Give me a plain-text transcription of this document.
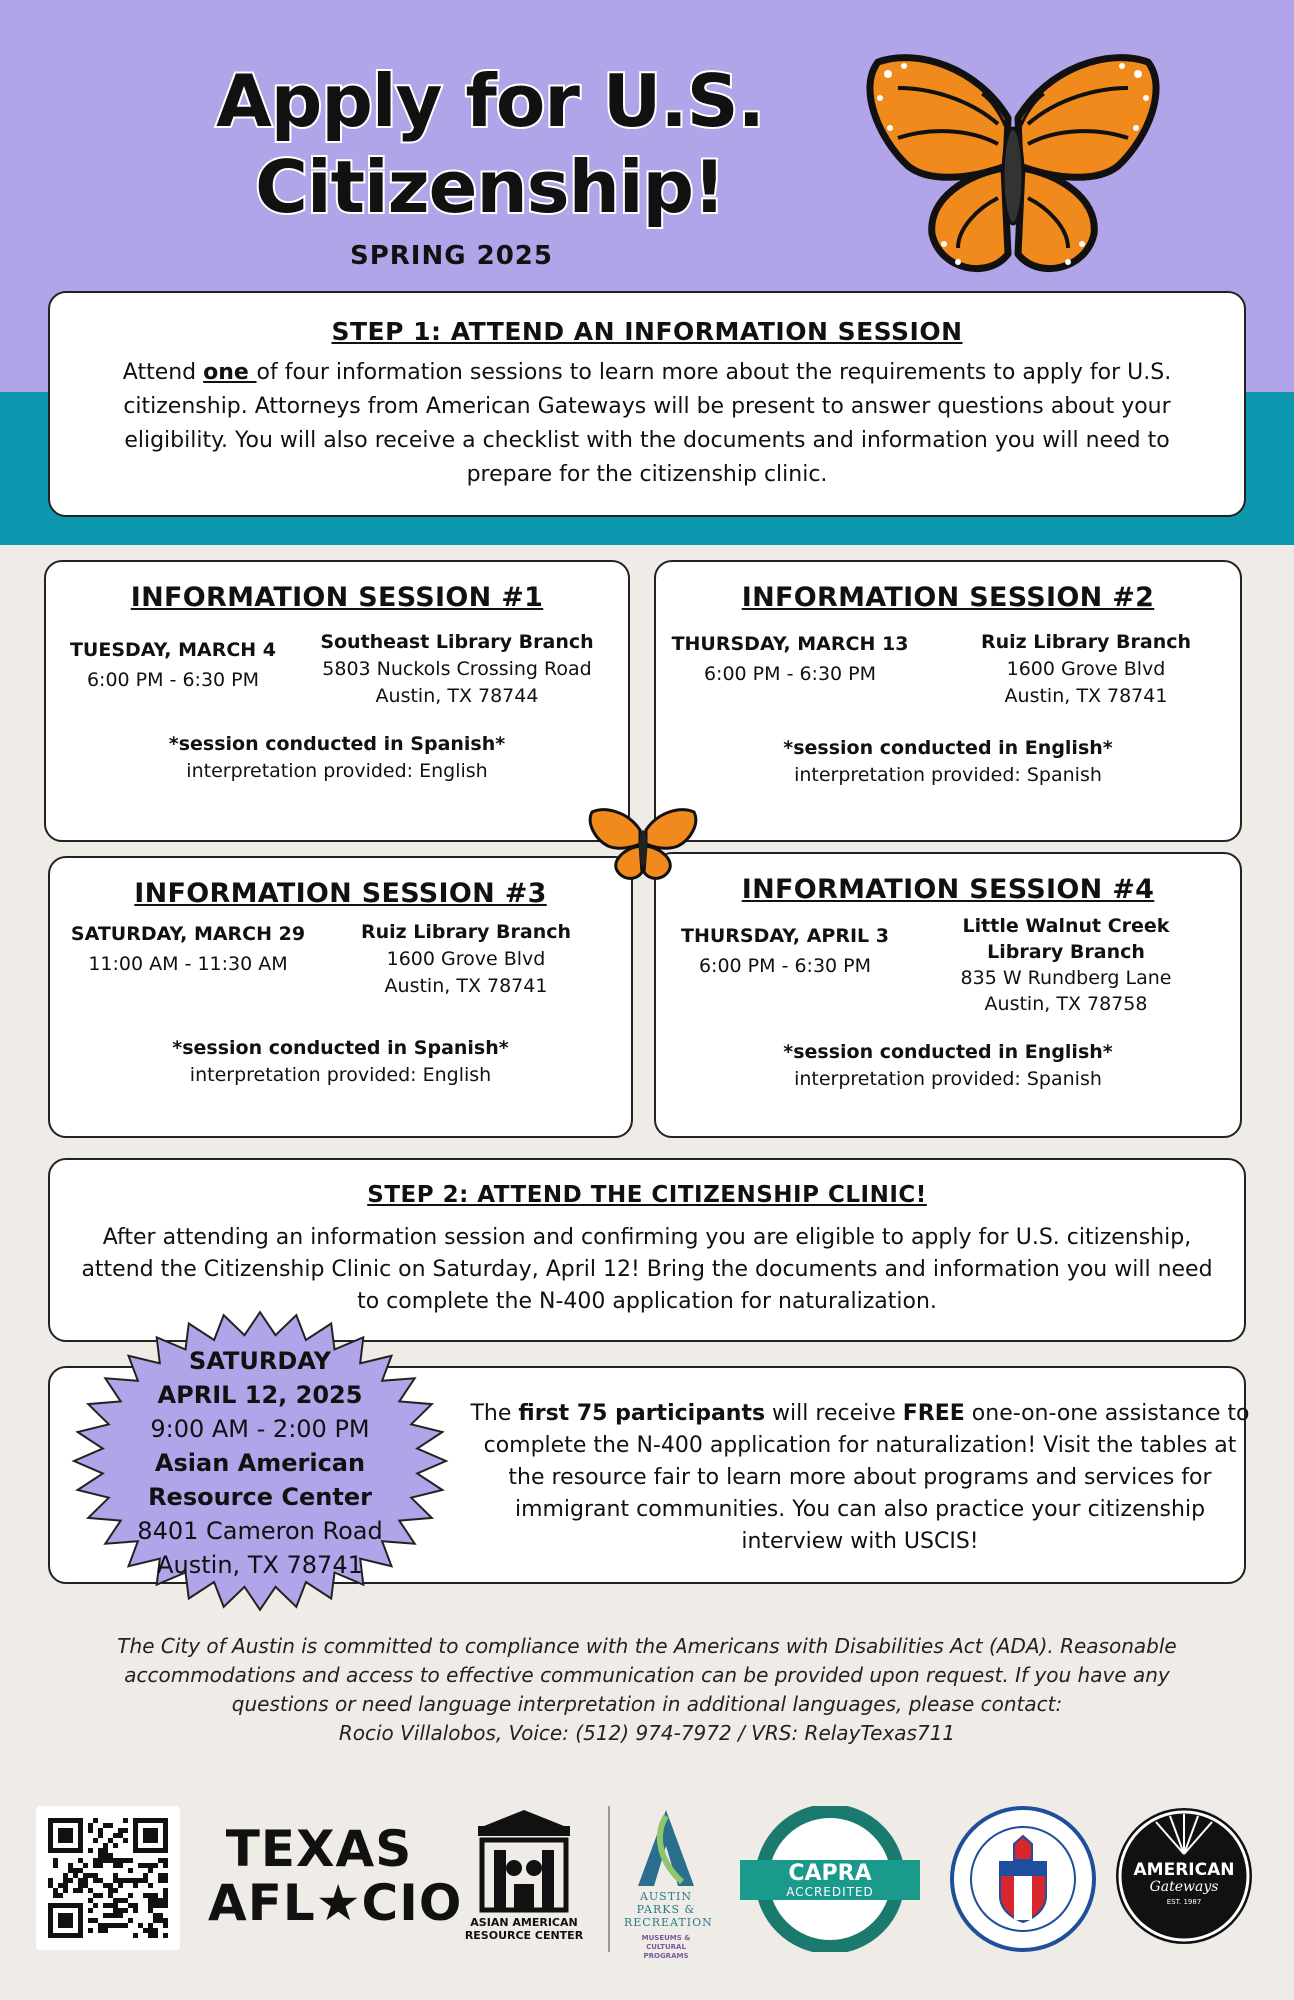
Apply for U.S.
Citizenship!
SPRING 2025
STEP 1: ATTEND AN INFORMATION SESSION
Attend one of four information sessions to learn more about the requirements to apply for U.S. citizenship. Attorneys from American Gateways will be present to answer questions about your eligibility. You will also receive a checklist with the documents and information you will need to prepare for the citizenship clinic.
INFORMATION SESSION #1
TUESDAY, MARCH 4
6:00 PM - 6:30 PM
Southeast Library Branch
5803 Nuckols Crossing Road
Austin, TX 78744
*session conducted in Spanish*
interpretation provided: English
INFORMATION SESSION #2
THURSDAY, MARCH 13
6:00 PM - 6:30 PM
Ruiz Library Branch
1600 Grove Blvd
Austin, TX 78741
*session conducted in English*
interpretation provided: Spanish
INFORMATION SESSION #3
SATURDAY, MARCH 29
11:00 AM - 11:30 AM
Ruiz Library Branch
1600 Grove Blvd
Austin, TX 78741
*session conducted in Spanish*
interpretation provided: English
INFORMATION SESSION #4
THURSDAY, APRIL 3
6:00 PM - 6:30 PM
Little Walnut Creek
Library Branch
835 W Rundberg Lane
Austin, TX 78758
*session conducted in English*
interpretation provided: Spanish
STEP 2: ATTEND THE CITIZENSHIP CLINIC!
After attending an information session and confirming you are eligible to apply for U.S. citizenship, attend the Citizenship Clinic on Saturday, April 12! Bring the documents and information you will need to complete the N-400 application for naturalization.
The first 75 participants will receive FREE one-on-one assistance to complete the N-400 application for naturalization! Visit the tables at the resource fair to learn more about programs and services for immigrant communities. You can also practice your citizenship interview with USCIS!
SATURDAY
APRIL 12, 2025
9:00 AM - 2:00 PM
Asian American
Resource Center
8401 Cameron Road
Austin, TX 78741
The City of Austin is committed to compliance with the Americans with Disabilities Act (ADA). Reasonable
accommodations and access to effective communication can be provided upon request. If you have any
questions or need language interpretation in additional languages, please contact:
Rocio Villalobos, Voice: (512) 974-7972 / VRS: RelayTexas711
TEXAS
AFL★CIO ASIAN AMERICAN
RESOURCE CENTER
AUSTIN
PARKS &
RECREATION
MUSEUMS &
CULTURAL PROGRAMS
CAPRA
ACCREDITED
AMERICAN
Gateways
EST. 1987
